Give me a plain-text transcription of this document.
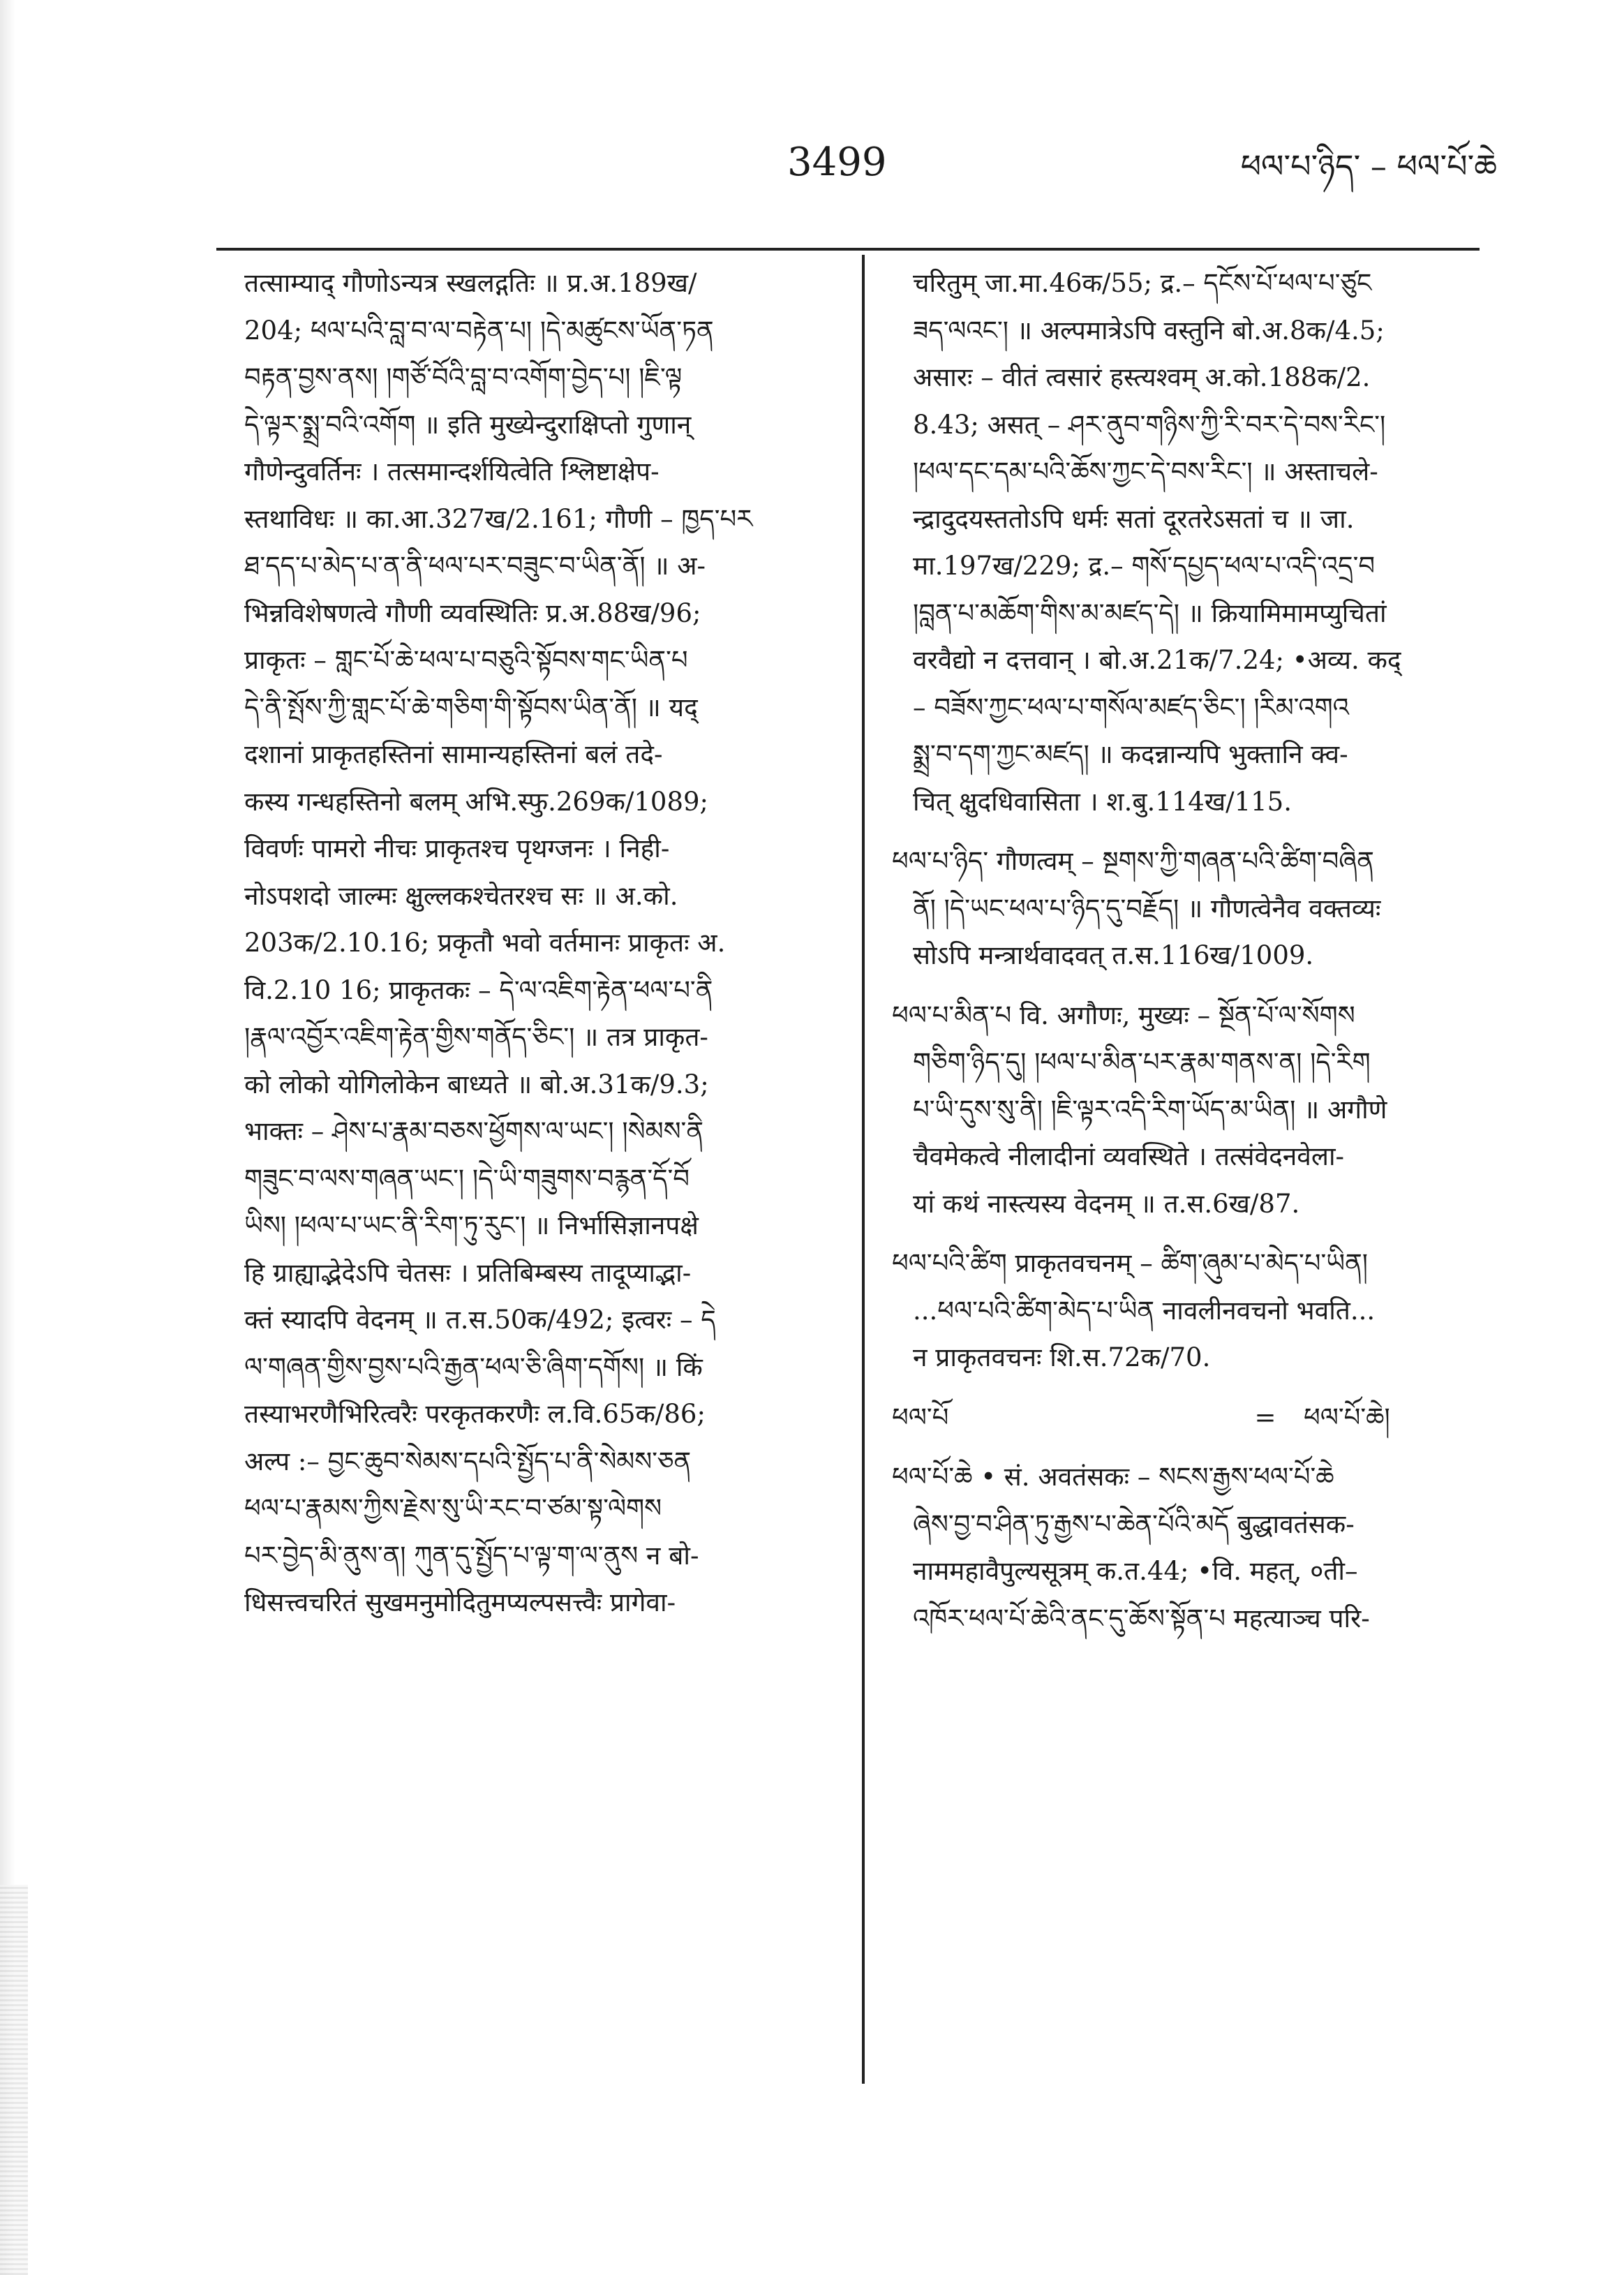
3499	ཕལ་པ་ཉིད་ – ཕལ་པོ་ཆེ
तत्साम्याद् गौणोऽन्यत्र स्खलद्गतिः ॥ प्र.अ.189ख/
204; ཕལ་པའི་བླ་བ་ལ་བརྟེན་པ། །དེ་མཚུངས་ཡོན་ཏན
བརྟན་བྱས་ནས། །གཙོ་བོའི་བླ་བ་འགོག་བྱེད་པ། །ཇི་ལྟ
དེ་ལྟར་སྨྲ་བའི་འགོག ॥ इति मुख्येन्दुराक्षिप्तो गुणान्
गौणेन्दुवर्तिनः । तत्समान्दर्शयित्वेति श्लिष्टाक्षेप-
स्तथाविधः ॥ का.आ.327ख/2.161; गौणी – ཁྱད་པར
ཐ་དད་པ་མེད་པ་ན་ནི་ཕལ་པར་བཟུང་བ་ཡིན་ནོ། ॥ अ-
भिन्नविशेषणत्वे गौणी व्यवस्थितिः प्र.अ.88ख/96;
प्राकृतः – གླང་པོ་ཆེ་ཕལ་པ་བཅུའི་སྟོབས་གང་ཡིན་པ
དེ་ནི་སྤོས་ཀྱི་གླང་པོ་ཆེ་གཅིག་གི་སྟོབས་ཡིན་ནོ། ॥ यद्
दशानां प्राकृतहस्तिनां सामान्यहस्तिनां बलं तदे-
कस्य गन्धहस्तिनो बलम् अभि.स्फु.269क/1089;
विवर्णः पामरो नीचः प्राकृतश्च पृथग्जनः । निही-
नोऽपशदो जाल्मः क्षुल्लकश्चेतरश्च सः ॥ अ.को.
203क/2.10.16; प्रकृतौ भवो वर्तमानः प्राकृतः अ.
वि.2.10 16; प्राकृतकः – དེ་ལ་འཇིག་རྟེན་ཕལ་པ་ནི
།རྣལ་འབྱོར་འཇིག་རྟེན་གྱིས་གནོད་ཅིང་། ॥ तत्र प्राकृत-
को लोको योगिलोकेन बाध्यते ॥ बो.अ.31क/9.3;
भाक्तः – ཤེས་པ་རྣམ་བཅས་ཕྱོགས་ལ་ཡང་། །སེམས་ནི
གཟུང་བ་ལས་གཞན་ཡང་། །དེ་ཡི་གཟུགས་བརྙན་དོ་བོ
ཡིས། །ཕལ་པ་ཡང་ནི་རིག་ཏུ་རུང་། ॥ निर्भासिज्ञानपक्षे
हि ग्राह्याद्भेदेऽपि चेतसः । प्रतिबिम्बस्य तादूप्याद्भा-
क्तं स्यादपि वेदनम् ॥ त.स.50क/492; इत्वरः – དེ
ལ་གཞན་གྱིས་བྱས་པའི་རྒྱན་ཕལ་ཅི་ཞིག་དགོས། ॥ किं
तस्याभरणैभिरित्वरैः परकृतकरणैः ल.वि.65क/86;
अल्प :– བྱང་ཆུབ་སེམས་དཔའི་སྤྱོད་པ་ནི་སེམས་ཅན
ཕལ་པ་རྣམས་ཀྱིས་རྗེས་སུ་ཡི་རང་བ་ཙམ་སྟ་ལེགས
པར་བྱེད་མི་ནུས་ན། ཀུན་དུ་སྤྱོད་པ་ལྟ་ག་ལ་ནུས न बो-
धिसत्त्वचरितं सुखमनुमोदितुमप्यल्पसत्त्वैः प्रागेवा-
चरितुम् जा.मा.46क/55; द्र.– དངོས་པོ་ཕལ་པ་ཙུང
ཟད་ལའང་། ॥ अल्पमात्रेऽपि वस्तुनि बो.अ.8क/4.5;
असारः – वीतं त्वसारं हस्त्यश्वम् अ.को.188क/2.
8.43; असत् – ཤར་ནུབ་གཉིས་ཀྱི་རི་བར་དེ་བས་རིང་།
།ཕལ་དང་དམ་པའི་ཆོས་ཀྱང་དེ་བས་རིང་། ॥ अस्ताचले-
न्द्रादुदयस्ततोऽपि धर्मः सतां दूरतरेऽसतां च ॥ जा.
मा.197ख/229; द्र.– གསོ་དཔྱད་ཕལ་པ་འདི་འདྲ་བ
།བླན་པ་མཆོག་གིས་མ་མཛད་དེ། ॥ क्रियामिमामप्युचितां
वरवैद्यो न दत्तवान् । बो.अ.21क/7.24; •अव्य. कद्
– བཟོས་ཀྱང་ཕལ་པ་གསོལ་མཛད་ཅིང་། །རིམ་འགའ
སྨྲ་བ་དག་ཀྱང་མཛད། ॥ कदन्नान्यपि भुक्तानि क्व-
चित् क्षुदधिवासिता । श.बु.114ख/115.
ཕལ་པ་ཉིད་ गौणत्वम् – སྔགས་ཀྱི་གཞན་པའི་ཚིག་བཞིན
ནོ། །དེ་ཡང་ཕལ་པ་ཉིད་དུ་བརྗོད། ॥ गौणत्वेनैव वक्तव्यः
सोऽपि मन्त्रार्थवादवत् त.स.116ख/1009.
ཕལ་པ་མིན་པ वि. अगौणः, मुख्यः – སྔོན་པོ་ལ་སོགས
གཅིག་ཉིད་དུ། །ཕལ་པ་མིན་པར་རྣམ་གནས་ན། །དེ་རིག
པ་ཡི་དུས་སུ་ནི། །ཇི་ལྟར་འདི་རིག་ཡོད་མ་ཡིན། ॥ अगौणे
चैवमेकत्वे नीलादीनां व्यवस्थिते । तत्संवेदनवेला-
यां कथं नास्त्यस्य वेदनम् ॥ त.स.6ख/87.
ཕལ་པའི་ཚིག प्राकृतवचनम् – ཚིག་ཞུམ་པ་མེད་པ་ཡིན།
...ཕལ་པའི་ཚིག་མེད་པ་ཡིན नावलीनवचनो भवति...
न प्राकृतवचनः शि.स.72क/70.
ཕལ་པོ	=	ཕལ་པོ་ཆེ།
ཕལ་པོ་ཆེ • सं. अवतंसकः – སངས་རྒྱས་ཕལ་པོ་ཆེ
ཞེས་བྱ་བ་ཤིན་ཏུ་རྒྱས་པ་ཆེན་པོའི་མདོ बुद्धावतंसक-
नाममहावैपुल्यसूत्रम् क.त.44; •वि. महत्, ०ती–
འཁོར་ཕལ་པོ་ཆེའི་ནང་དུ་ཆོས་སྟོན་པ महत्याञ्च परि-
